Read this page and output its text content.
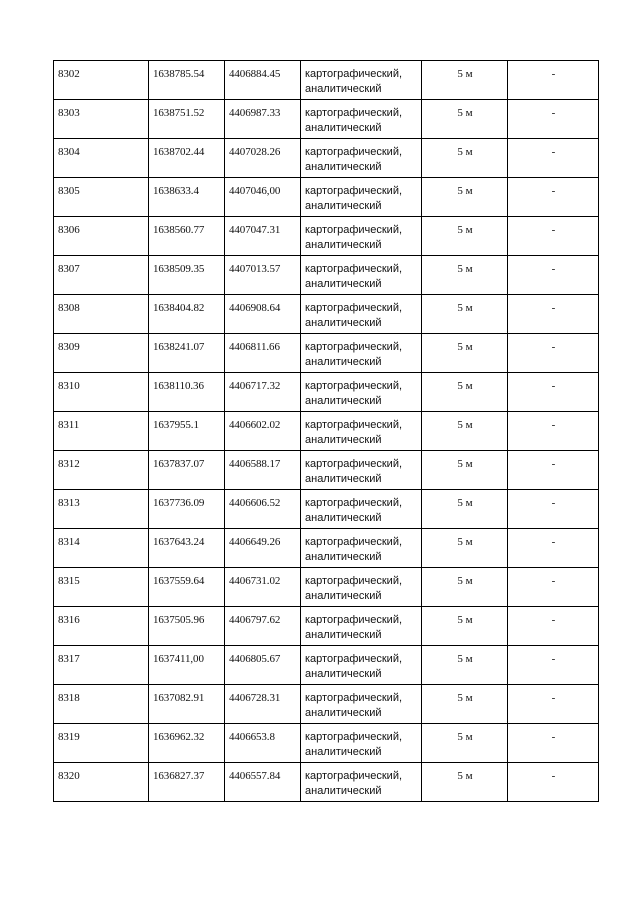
8302	1638785.54	4406884.45	картографический, аналитический	5 м	-
8303	1638751.52	4406987.33	картографический, аналитический	5 м	-
8304	1638702.44	4407028.26	картографический, аналитический	5 м	-
8305	1638633.4	4407046,00	картографический, аналитический	5 м	-
8306	1638560.77	4407047.31	картографический, аналитический	5 м	-
8307	1638509.35	4407013.57	картографический, аналитический	5 м	-
8308	1638404.82	4406908.64	картографический, аналитический	5 м	-
8309	1638241.07	4406811.66	картографический, аналитический	5 м	-
8310	1638110.36	4406717.32	картографический, аналитический	5 м	-
8311	1637955.1	4406602.02	картографический, аналитический	5 м	-
8312	1637837.07	4406588.17	картографический, аналитический	5 м	-
8313	1637736.09	4406606.52	картографический, аналитический	5 м	-
8314	1637643.24	4406649.26	картографический, аналитический	5 м	-
8315	1637559.64	4406731.02	картографический, аналитический	5 м	-
8316	1637505.96	4406797.62	картографический, аналитический	5 м	-
8317	1637411,00	4406805.67	картографический, аналитический	5 м	-
8318	1637082.91	4406728.31	картографический, аналитический	5 м	-
8319	1636962.32	4406653.8	картографический, аналитический	5 м	-
8320	1636827.37	4406557.84	картографический, аналитический	5 м	-
